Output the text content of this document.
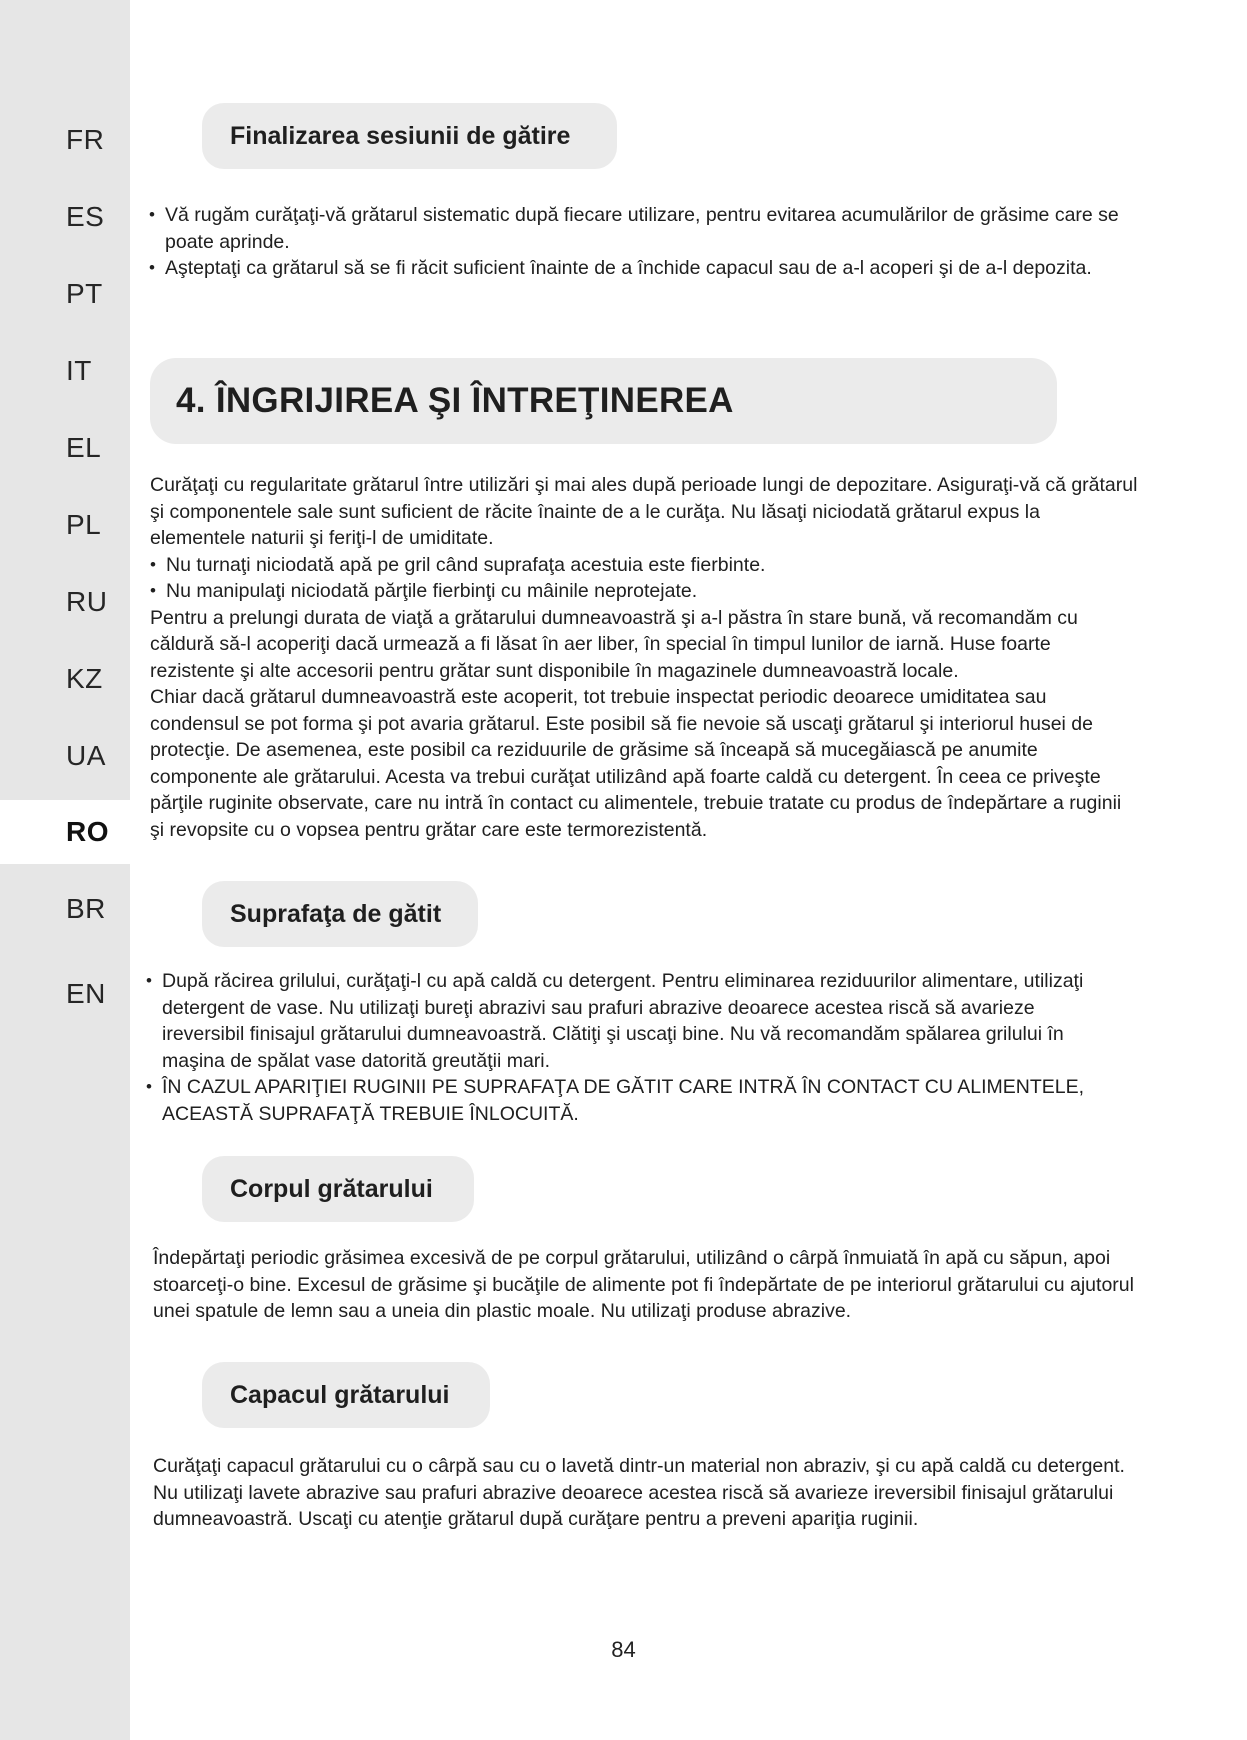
FR
ES
PT
IT
EL
PL
RU
KZ
UA
RO
BR
EN
Finalizarea sesiunii de gătire
• Vă rugăm curăţaţi-vă grătarul sistematic după fiecare utilizare, pentru evitarea acumulărilor de grăsime care se poate aprinde.
• Aşteptaţi ca grătarul să se fi răcit suficient înainte de a închide capacul sau de a-l acoperi şi de a-l depozita.
4. ÎNGRIJIREA ŞI ÎNTREŢINEREA

Curăţaţi cu regularitate grătarul între utilizări şi mai ales după perioade lungi de depozitare. Asiguraţi-vă că grătarul şi componentele sale sunt suficient de răcite înainte de a le curăţa. Nu lăsaţi niciodată grătarul expus la elementele naturii şi feriţi-l de umiditate.

• Nu turnaţi niciodată apă pe gril când suprafaţa acestuia este fierbinte.
• Nu manipulaţi niciodată părţile fierbinţi cu mâinile neprotejate.

Pentru a prelungi durata de viaţă a grătarului dumneavoastră şi a-l păstra în stare bună, vă recomandăm cu căldură să-l acoperiţi dacă urmează a fi lăsat în aer liber, în special în timpul lunilor de iarnă. Huse foarte rezistente şi alte accesorii pentru grătar sunt disponibile în magazinele dumneavoastră locale.

Chiar dacă grătarul dumneavoastră este acoperit, tot trebuie inspectat periodic deoarece umiditatea sau condensul se pot forma şi pot avaria grătarul. Este posibil să fie nevoie să uscaţi grătarul şi interiorul husei de protecţie. De asemenea, este posibil ca reziduurile de grăsime să înceapă să mucegăiască pe anumite componente ale grătarului. Acesta va trebui curăţat utilizând apă foarte caldă cu detergent. În ceea ce priveşte părţile ruginite observate, care nu intră în contact cu alimentele, trebuie tratate cu produs de îndepărtare a ruginii şi revopsite cu o vopsea pentru grătar care este termorezistentă.

Suprafaţa de gătit
• După răcirea grilului, curăţaţi-l cu apă caldă cu detergent. Pentru eliminarea reziduurilor alimentare, utilizaţi detergent de vase. Nu utilizaţi bureţi abrazivi sau prafuri abrazive deoarece acestea riscă să avarieze ireversibil finisajul grătarului dumneavoastră. Clătiţi şi uscaţi bine. Nu vă recomandăm spălarea grilului în maşina de spălat vase datorită greutăţii mari.
• ÎN CAZUL APARIŢIEI RUGINII PE SUPRAFAŢA DE GĂTIT CARE INTRĂ ÎN CONTACT CU ALIMENTELE, ACEASTĂ SUPRAFAŢĂ TREBUIE ÎNLOCUITĂ.
Corpul grătarului

Îndepărtaţi periodic grăsimea excesivă de pe corpul grătarului, utilizând o cârpă înmuiată în apă cu săpun, apoi stoarceţi-o bine. Excesul de grăsime şi bucăţile de alimente pot fi îndepărtate de pe interiorul grătarului cu ajutorul unei spatule de lemn sau a uneia din plastic moale. Nu utilizaţi produse abrazive.

Capacul grătarului

Curăţaţi capacul grătarului cu o cârpă sau cu o lavetă dintr-un material non abraziv, şi cu apă caldă cu detergent. Nu utilizaţi lavete abrazive sau prafuri abrazive deoarece acestea riscă să avarieze ireversibil finisajul grătarului dumneavoastră. Uscaţi cu atenţie grătarul după curăţare pentru a preveni apariţia ruginii.

84
